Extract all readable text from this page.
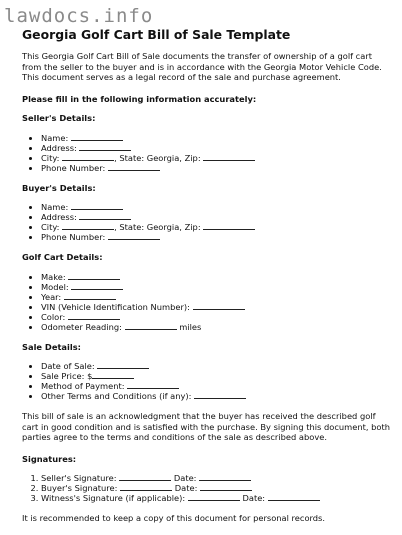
lawdocs.info
Georgia Golf Cart Bill of Sale Template

This Georgia Golf Cart Bill of Sale documents the transfer of ownership of a golf cart from the seller to the buyer and is in accordance with the Georgia Motor Vehicle Code. This document serves as a legal record of the sale and purchase agreement.

Please fill in the following information accurately:
Seller's Details:
• Name:
• Address:
• City:	, State: Georgia, Zip:
• Phone Number:
Buyer's Details:
• Name:
• Address:
• City:	, State: Georgia, Zip:
• Phone Number:
Golf Cart Details:
• Make:
• Model:
• Year:
• VIN (Vehicle Identification Number):
• Color:
• Odometer Reading:	miles
Sale Details:
• Date of Sale:
• Sale Price: $
• Method of Payment:
• Other Terms and Conditions (if any):

This bill of sale is an acknowledgment that the buyer has received the described golf cart in good condition and is satisfied with the purchase. By signing this document, both parties agree to the terms and conditions of the sale as described above.

Signatures:
1. Seller's Signature:	Date:
2. Buyer's Signature:	Date:
3. Witness's Signature (if applicable):	Date:

It is recommended to keep a copy of this document for personal records.
